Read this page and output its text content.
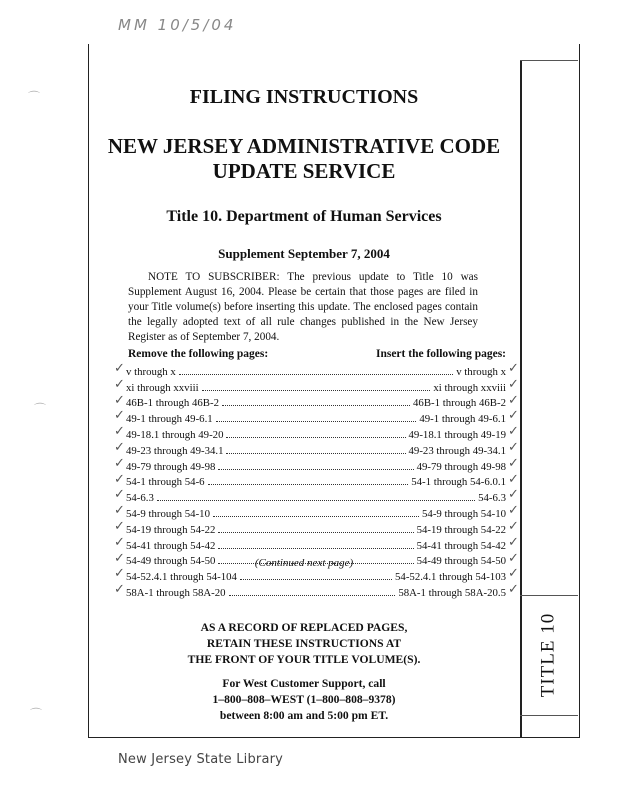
MM 10/5/04
TITLE 10
FILING INSTRUCTIONS
NEW JERSEY ADMINISTRATIVE CODE
UPDATE SERVICE
Title 10. Department of Human Services
Supplement September 7, 2004
NOTE TO SUBSCRIBER: The previous update to Title 10 was Supplement August 16, 2004. Please be certain that those pages are filed in your Title volume(s) before inserting this update. The enclosed pages contain the legally adopted text of all rule changes published in the New Jersey Register as of September 7, 2004.
Remove the following pages:	Insert the following pages:
v through x	v through x
xi through xxviii	xi through xxviii
46B-1 through 46B-2	46B-1 through 46B-2
49-1 through 49-6.1	49-1 through 49-6.1
49-18.1 through 49-20	49-18.1 through 49-19
49-23 through 49-34.1	49-23 through 49-34.1
49-79 through 49-98	49-79 through 49-98
54-1 through 54-6	54-1 through 54-6.0.1
54-6.3	54-6.3
54-9 through 54-10	54-9 through 54-10
54-19 through 54-22	54-19 through 54-22
54-41 through 54-42	54-41 through 54-42
54-49 through 54-50	54-49 through 54-50
54-52.4.1 through 54-104	54-52.4.1 through 54-103
58A-1 through 58A-20	58A-1 through 58A-20.5
(Continued next page)
AS A RECORD OF REPLACED PAGES,
RETAIN THESE INSTRUCTIONS AT
THE FRONT OF YOUR TITLE VOLUME(S).
For West Customer Support, call
1–800–808–WEST (1–800–808–9378)
between 8:00 am and 5:00 pm ET.
New Jersey State Library
⌒
⌒
⌒
✓	✓
✓	✓
✓	✓
✓	✓
✓	✓
✓	✓
✓	✓
✓	✓
✓	✓
✓	✓
✓	✓
✓	✓
✓	✓
✓	✓
✓	✓
